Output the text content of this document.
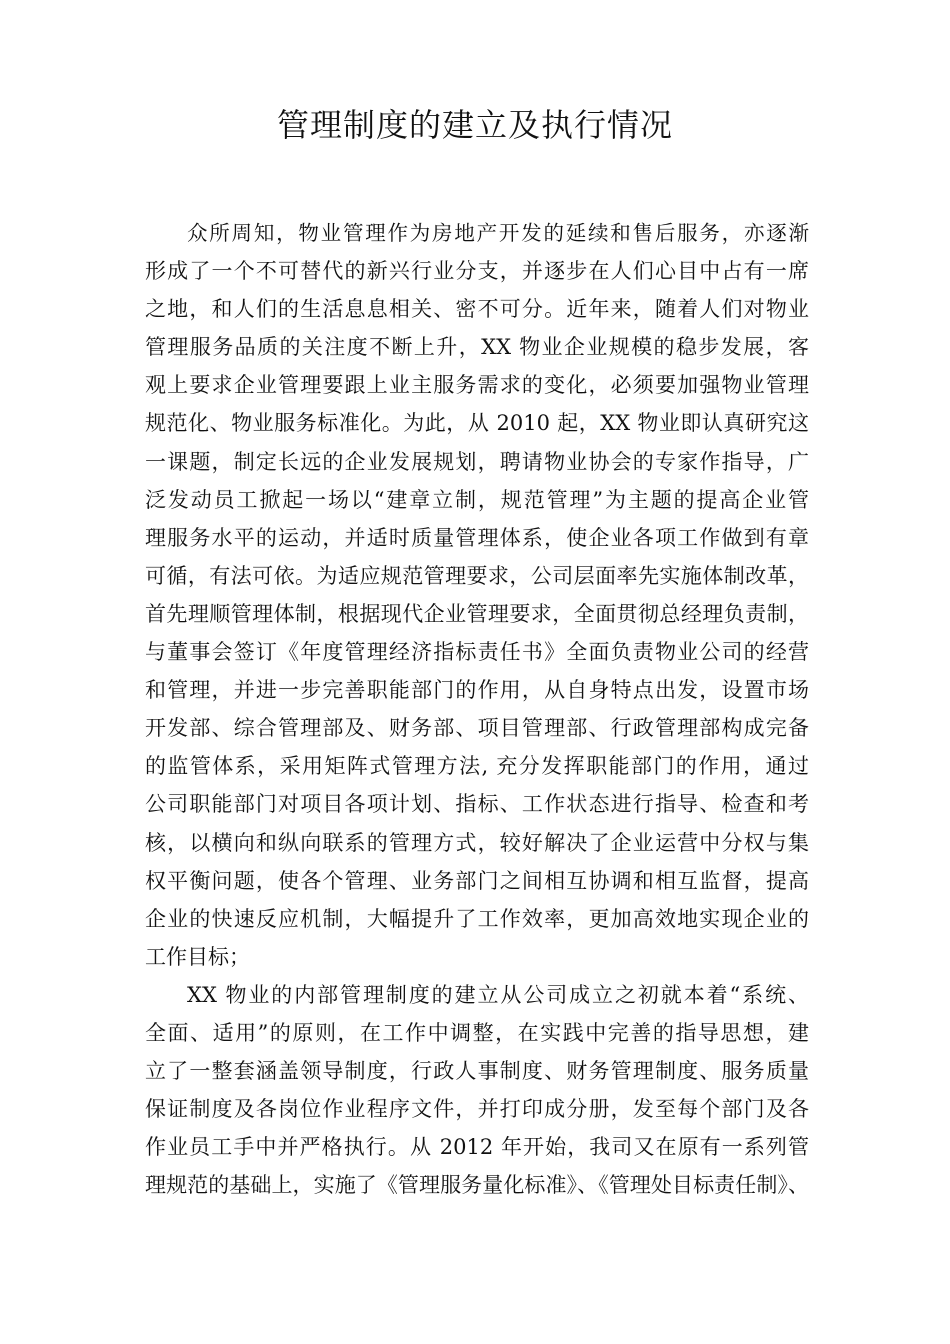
管理制度的建立及执行情况
众所周知，物业管理作为房地产开发的延续和售后服务，亦逐渐
形成了一个不可替代的新兴行业分支，并逐步在人们心目中占有一席
之地，和人们的生活息息相关、密不可分。近年来，随着人们对物业
管理服务品质的关注度不断上升，XX 物业企业规模的稳步发展，客
观上要求企业管理要跟上业主服务需求的变化，必须要加强物业管理
规范化、物业服务标准化。为此，从 2010 起，XX 物业即认真研究这
一课题，制定长远的企业发展规划，聘请物业协会的专家作指导，广
泛发动员工掀起一场以“建章立制，规范管理”为主题的提高企业管
理服务水平的运动，并适时质量管理体系，使企业各项工作做到有章
可循，有法可依。为适应规范管理要求，公司层面率先实施体制改革，
首先理顺管理体制，根据现代企业管理要求，全面贯彻总经理负责制，
与董事会签订《年度管理经济指标责任书》全面负责物业公司的经营
和管理，并进一步完善职能部门的作用，从自身特点出发，设置市场
开发部、综合管理部及、财务部、项目管理部、行政管理部构成完备
的监管体系，采用矩阵式管理方法, 充分发挥职能部门的作用，通过
公司职能部门对项目各项计划、指标、工作状态进行指导、检查和考
核，以横向和纵向联系的管理方式，较好解决了企业运营中分权与集
权平衡问题，使各个管理、业务部门之间相互协调和相互监督，提高
企业的快速反应机制，大幅提升了工作效率，更加高效地实现企业的
工作目标；
XX 物业的内部管理制度的建立从公司成立之初就本着“系统、
全面、适用”的原则，在工作中调整，在实践中完善的指导思想，建
立了一整套涵盖领导制度，行政人事制度、财务管理制度、服务质量
保证制度及各岗位作业程序文件，并打印成分册，发至每个部门及各
作业员工手中并严格执行。从 2012 年开始，我司又在原有一系列管
理规范的基础上，实施了《管理服务量化标准》、《管理处目标责任制》、
